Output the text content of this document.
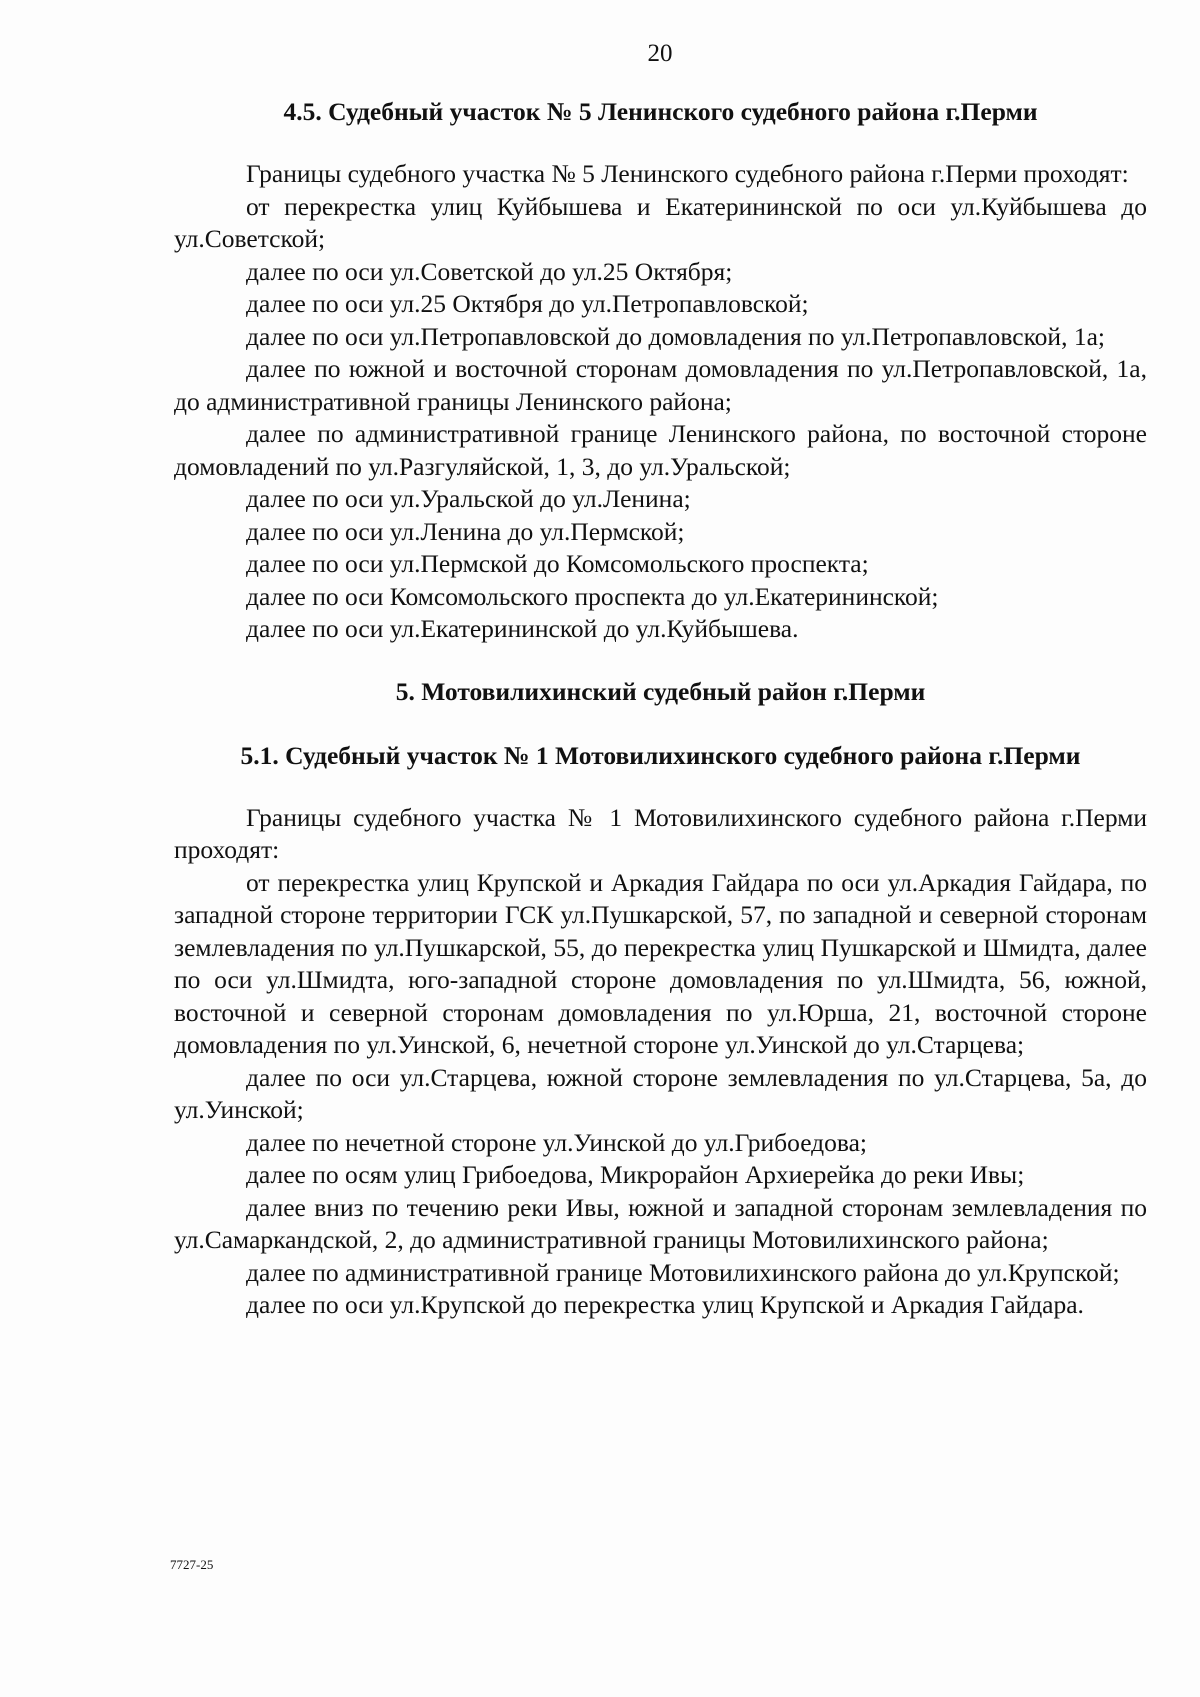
20
4.5. Судебный участок № 5 Ленинского судебного района г.Перми

Границы судебного участка № 5 Ленинского судебного района г.Перми проходят:

от перекрестка улиц Куйбышева и Екатерининской по оси ул.Куйбышева до ул.Советской;

далее по оси ул.Советской до ул.25 Октября;

далее по оси ул.25 Октября до ул.Петропавловской;

далее по оси ул.Петропавловской до домовладения по ул.Петропавловской, 1а;

далее по южной и восточной сторонам домовладения по ул.Петропавловской, 1а, до административной границы Ленинского района;

далее по административной границе Ленинского района, по восточной стороне домовладений по ул.Разгуляйской, 1, 3, до ул.Уральской;

далее по оси ул.Уральской до ул.Ленина;

далее по оси ул.Ленина до ул.Пермской;

далее по оси ул.Пермской до Комсомольского проспекта;

далее по оси Комсомольского проспекта до ул.Екатерининской;

далее по оси ул.Екатерининской до ул.Куйбышева.

5. Мотовилихинский судебный район г.Перми
5.1. Судебный участок № 1 Мотовилихинского судебного района г.Перми

Границы судебного участка № 1 Мотовилихинского судебного района г.Перми проходят:

от перекрестка улиц Крупской и Аркадия Гайдара по оси ул.Аркадия Гайдара, по западной стороне территории ГСК ул.Пушкарской, 57, по западной и северной сторонам землевладения по ул.Пушкарской, 55, до перекрестка улиц Пушкарской и Шмидта, далее по оси ул.Шмидта, юго-западной стороне домовладения по ул.Шмидта, 56, южной, восточной и северной сторонам домовладения по ул.Юрша, 21, восточной стороне домовладения по ул.Уинской, 6, нечетной стороне ул.Уинской до ул.Старцева;

далее по оси ул.Старцева, южной стороне землевладения по ул.Старцева, 5а, до ул.Уинской;

далее по нечетной стороне ул.Уинской до ул.Грибоедова;

далее по осям улиц Грибоедова, Микрорайон Архиерейка до реки Ивы;

далее вниз по течению реки Ивы, южной и западной сторонам землевладения по ул.Самаркандской, 2, до административной границы Мотовилихинского района;

далее по административной границе Мотовилихинского района до ул.Крупской;

далее по оси ул.Крупской до перекрестка улиц Крупской и Аркадия Гайдара.

7727-25
